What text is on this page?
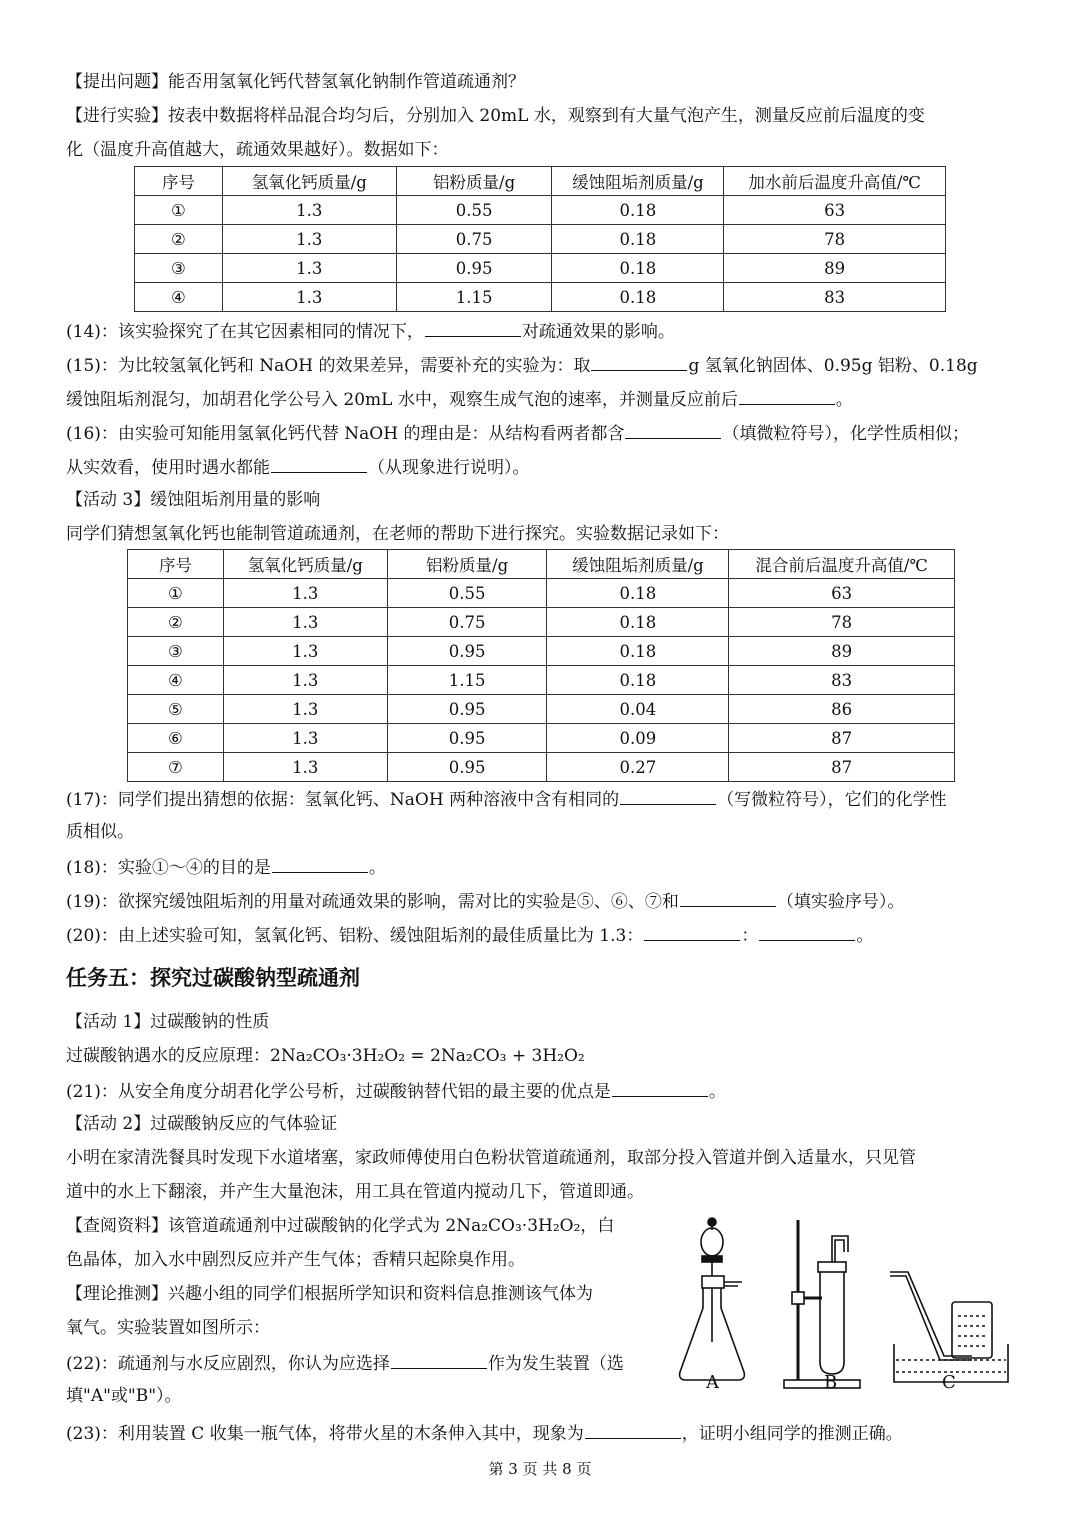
【提出问题】能否用氢氧化钙代替氢氧化钠制作管道疏通剂？
【进行实验】按表中数据将样品混合均匀后，分别加入 20mL 水，观察到有大量气泡产生，测量反应前后温度的变
化（温度升高值越大，疏通效果越好）。数据如下：
序号	氢氧化钙质量/g	铝粉质量/g	缓蚀阻垢剂质量/g	加水前后温度升高值/℃
①	1.3	0.55	0.18	63
②	1.3	0.75	0.18	78
③	1.3	0.95	0.18	89
④	1.3	1.15	0.18	83
(14)：该实验探究了在其它因素相同的情况下，	对疏通效果的影响。
(15)：为比较氢氧化钙和 NaOH 的效果差异，需要补充的实验为：取	g 氢氧化钠固体、0.95g 铝粉、0.18g
缓蚀阻垢剂混匀，加胡君化学公号入 20mL 水中，观察生成气泡的速率，并测量反应前后	。
(16)：由实验可知能用氢氧化钙代替 NaOH 的理由是：从结构看两者都含	（填微粒符号），化学性质相似；
从实效看，使用时遇水都能	（从现象进行说明）。
【活动 3】缓蚀阻垢剂用量的影响
同学们猜想氢氧化钙也能制管道疏通剂，在老师的帮助下进行探究。实验数据记录如下：
序号	氢氧化钙质量/g	铝粉质量/g	缓蚀阻垢剂质量/g	混合前后温度升高值/℃
①	1.3	0.55	0.18	63
②	1.3	0.75	0.18	78
③	1.3	0.95	0.18	89
④	1.3	1.15	0.18	83
⑤	1.3	0.95	0.04	86
⑥	1.3	0.95	0.09	87
⑦	1.3	0.95	0.27	87
(17)：同学们提出猜想的依据：氢氧化钙、NaOH 两种溶液中含有相同的	（写微粒符号），它们的化学性
质相似。
(18)：实验①～④的目的是	。
(19)：欲探究缓蚀阻垢剂的用量对疏通效果的影响，需对比的实验是⑤、⑥、⑦和	（填实验序号）。
(20)：由上述实验可知，氢氧化钙、铝粉、缓蚀阻垢剂的最佳质量比为 1.3：	：	。
任务五：探究过碳酸钠型疏通剂
【活动 1】过碳酸钠的性质
过碳酸钠遇水的反应原理：2Na₂CO₃·3H₂O₂ = 2Na₂CO₃ + 3H₂O₂
(21)：从安全角度分胡君化学公号析，过碳酸钠替代铝的最主要的优点是	。
【活动 2】过碳酸钠反应的气体验证
小明在家清洗餐具时发现下水道堵塞，家政师傅使用白色粉状管道疏通剂，取部分投入管道并倒入适量水，只见管
道中的水上下翻滚，并产生大量泡沫，用工具在管道内搅动几下，管道即通。
【查阅资料】该管道疏通剂中过碳酸钠的化学式为 2Na₂CO₃·3H₂O₂，白
色晶体，加入水中剧烈反应并产生气体；香精只起除臭作用。
【理论推测】兴趣小组的同学们根据所学知识和资料信息推测该气体为
氧气。实验装置如图所示：
(22)：疏通剂与水反应剧烈，你认为应选择	作为发生装置（选
填"A"或"B"）。
(23)：利用装置 C 收集一瓶气体，将带火星的木条伸入其中，现象为	，证明小组同学的推测正确。
A	B	C
第 3 页 共 8 页
